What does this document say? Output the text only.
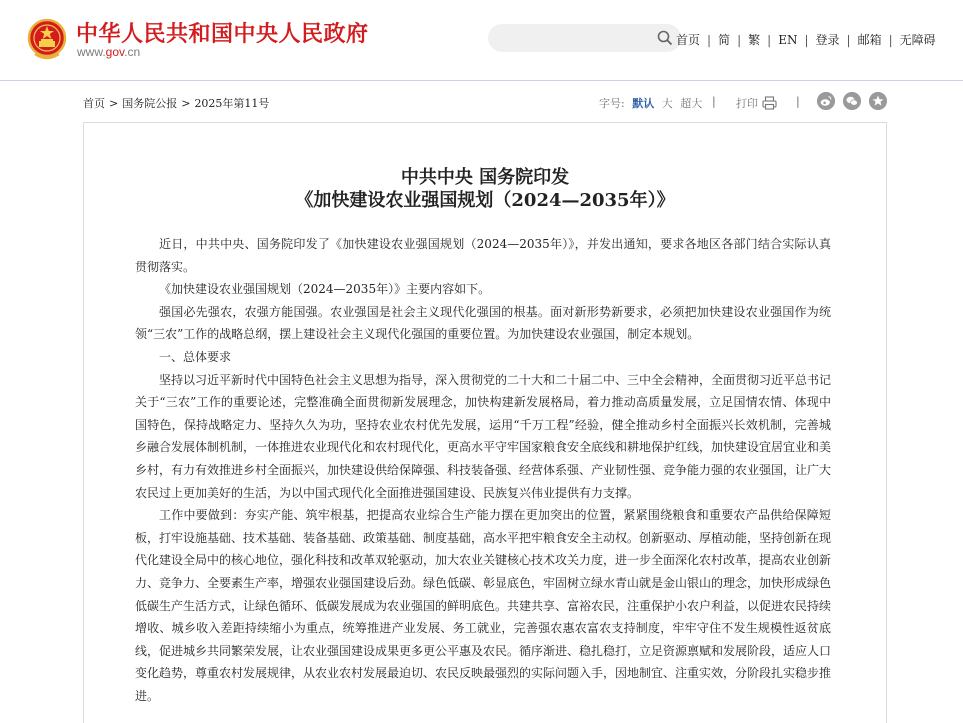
中华人民共和国中央人民政府
www.gov.cn
首页 | 简 | 繁 | EN | 登录 | 邮箱 | 无障碍
首页 > 国务院公报 > 2025年第11号	字号: 默认 大 超大 | 打印	|
中共中央 国务院印发
《加快建设农业强国规划（2024—2035年）》

近日，中共中央、国务院印发了《加快建设农业强国规划（2024—2035年）》，并发出通知，要求各地区各部门结合实际认真贯彻落实。

《加快建设农业强国规划（2024—2035年）》主要内容如下。

强国必先强农，农强方能国强。农业强国是社会主义现代化强国的根基。面对新形势新要求，必须把加快建设农业强国作为统领“三农”工作的战略总纲，摆上建设社会主义现代化强国的重要位置。为加快建设农业强国，制定本规划。

一、总体要求

坚持以习近平新时代中国特色社会主义思想为指导，深入贯彻党的二十大和二十届二中、三中全会精神，全面贯彻习近平总书记关于“三农”工作的重要论述，完整准确全面贯彻新发展理念，加快构建新发展格局，着力推动高质量发展，立足国情农情、体现中国特色，保持战略定力、坚持久久为功，坚持农业农村优先发展，运用“千万工程”经验，健全推动乡村全面振兴长效机制，完善城乡融合发展体制机制，一体推进农业现代化和农村现代化，更高水平守牢国家粮食安全底线和耕地保护红线，加快建设宜居宜业和美乡村，有力有效推进乡村全面振兴，加快建设供给保障强、科技装备强、经营体系强、产业韧性强、竞争能力强的农业强国，让广大农民过上更加美好的生活，为以中国式现代化全面推进强国建设、民族复兴伟业提供有力支撑。

工作中要做到：夯实产能、筑牢根基，把提高农业综合生产能力摆在更加突出的位置，紧紧围绕粮食和重要农产品供给保障短板，打牢设施基础、技术基础、装备基础、政策基础、制度基础，高水平把牢粮食安全主动权。创新驱动、厚植动能，坚持创新在现代化建设全局中的核心地位，强化科技和改革双轮驱动，加大农业关键核心技术攻关力度，进一步全面深化农村改革，提高农业创新力、竞争力、全要素生产率，增强农业强国建设后劲。绿色低碳、彰显底色，牢固树立绿水青山就是金山银山的理念，加快形成绿色低碳生产生活方式，让绿色循环、低碳发展成为农业强国的鲜明底色。共建共享、富裕农民，注重保护小农户利益，以促进农民持续增收、城乡收入差距持续缩小为重点，统筹推进产业发展、务工就业，完善强农惠农富农支持制度，牢牢守住不发生规模性返贫底线，促进城乡共同繁荣发展，让农业强国建设成果更多更公平惠及农民。循序渐进、稳扎稳打，立足资源禀赋和发展阶段，适应人口变化趋势，尊重农村发展规律，从农业农村发展最迫切、农民反映最强烈的实际问题入手，因地制宜、注重实效，分阶段扎实稳步推进。
